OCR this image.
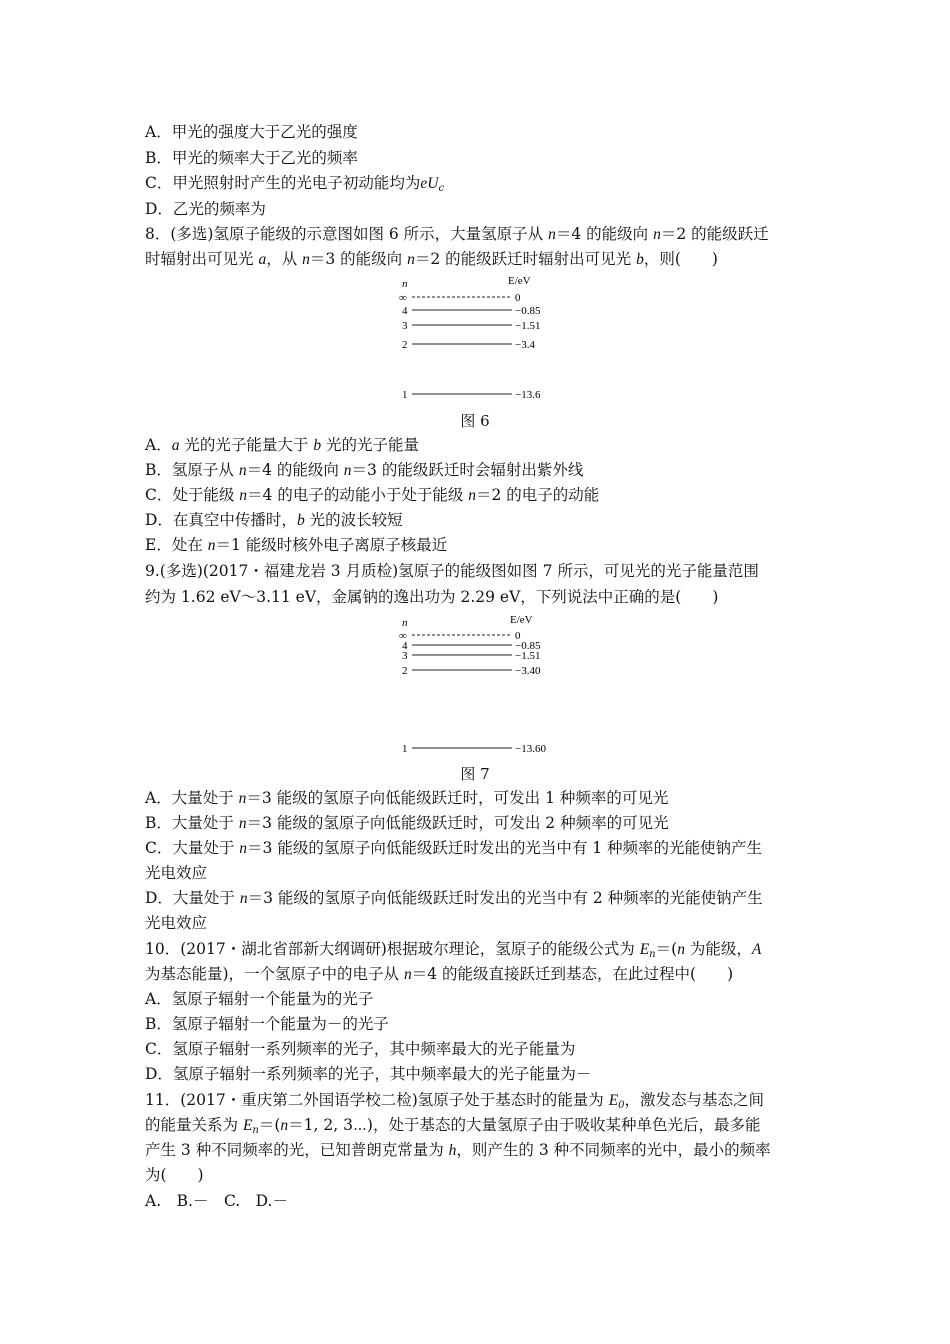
A．甲光的强度大于乙光的强度
B．甲光的频率大于乙光的频率
C．甲光照射时产生的光电子初动能均为$eU_c$
D．乙光的频率为
8．(多选)氢原子能级的示意图如图 6 所示，大量氢原子从 n＝4 的能级向 n＝2 的能级跃迁
时辐射出可见光 a，从 n＝3 的能级向 n＝2 的能级跃迁时辐射出可见光 b，则(　　)
n	E/eV
∞	0
4	−0.85
3	−1.51
2	−3.4
1	−13.6
图 6
A．a 光的光子能量大于 b 光的光子能量
B．氢原子从 n＝4 的能级向 n＝3 的能级跃迁时会辐射出紫外线
C．处于能级 n＝4 的电子的动能小于处于能级 n＝2 的电子的动能
D．在真空中传播时，b 光的波长较短
E．处在 n＝1 能级时核外电子离原子核最近
9.(多选)(2017・福建龙岩 3 月质检)氢原子的能级图如图 7 所示，可见光的光子能量范围
约为 1.62 eV～3.11 eV，金属钠的逸出功为 2.29 eV，下列说法中正确的是(　　)
n	E/eV
∞	0
4	−0.85
3	−1.51
2	−3.40
1	−13.60
图 7
A．大量处于 n＝3 能级的氢原子向低能级跃迁时，可发出 1 种频率的可见光
B．大量处于 n＝3 能级的氢原子向低能级跃迁时，可发出 2 种频率的可见光
C．大量处于 n＝3 能级的氢原子向低能级跃迁时发出的光当中有 1 种频率的光能使钠产生
光电效应
D．大量处于 n＝3 能级的氢原子向低能级跃迁时发出的光当中有 2 种频率的光能使钠产生
光电效应
10．(2017・湖北省部新大纲调研)根据玻尔理论，氢原子的能级公式为 $E_n=(n$ 为能级，A
为基态能量)，一个氢原子中的电子从 n＝4 的能级直接跃迁到基态，在此过程中(　　)
A．氢原子辐射一个能量为的光子
B．氢原子辐射一个能量为－的光子
C．氢原子辐射一系列频率的光子，其中频率最大的光子能量为
D．氢原子辐射一系列频率的光子，其中频率最大的光子能量为－
11．(2017・重庆第二外国语学校二检)氢原子处于基态时的能量为 $E_0$，激发态与基态之间
的能量关系为 $E_n=(n=1$, 2, 3⋯)，处于基态的大量氢原子由于吸收某种单色光后，最多能
产生 3 种不同频率的光，已知普朗克常量为 h，则产生的 3 种不同频率的光中，最小的频率
为(　　)
A.　B.－　C.　D.－
